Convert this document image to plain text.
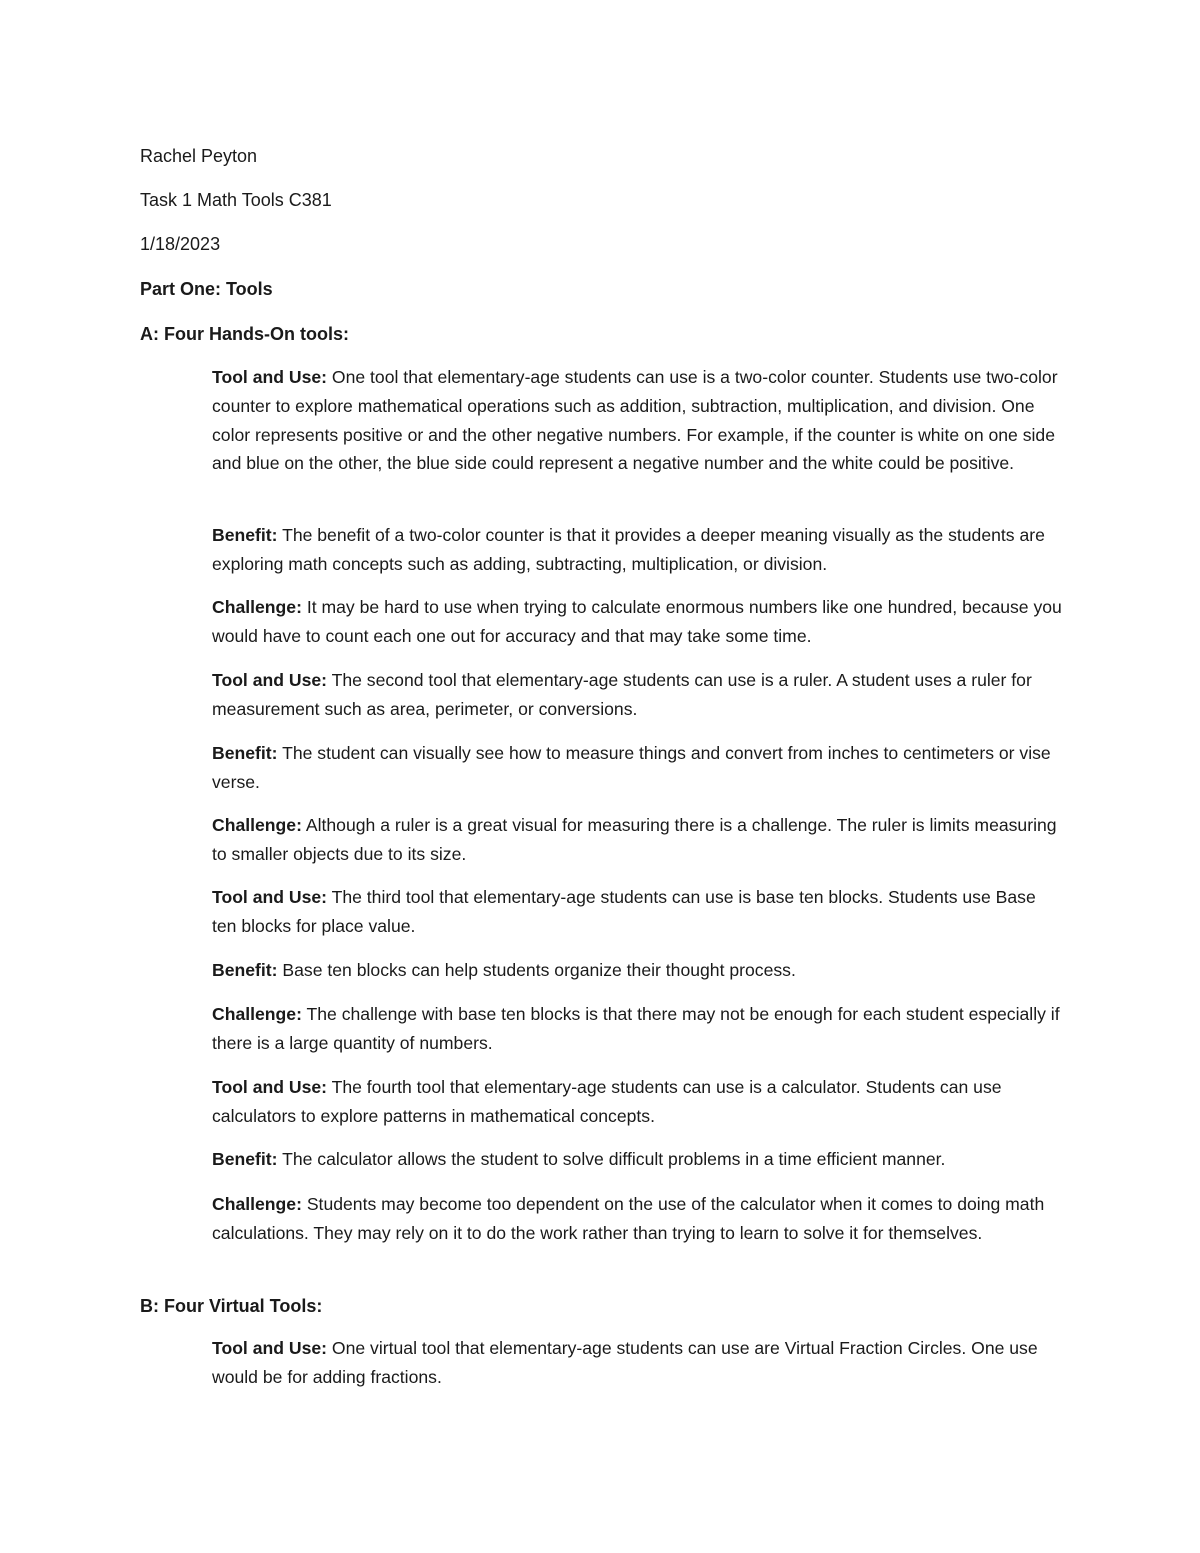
Rachel Peyton
Task 1 Math Tools C381
1/18/2023
Part One: Tools
A: Four Hands-On tools:

Tool and Use: One tool that elementary-age students can use is a two-color counter. Students use two-color counter to explore mathematical operations such as addition, subtraction, multiplication, and division. One color represents positive or and the other negative numbers. For example, if the counter is white on one side and blue on the other, the blue side could represent a negative number and the white could be positive.

Benefit: The benefit of a two-color counter is that it provides a deeper meaning visually as the students are exploring math concepts such as adding, subtracting, multiplication, or division.

Challenge: It may be hard to use when trying to calculate enormous numbers like one hundred, because you would have to count each one out for accuracy and that may take some time.

Tool and Use: The second tool that elementary-age students can use is a ruler. A student uses a ruler for measurement such as area, perimeter, or conversions.

Benefit: The student can visually see how to measure things and convert from inches to centimeters or vise verse.

Challenge: Although a ruler is a great visual for measuring there is a challenge. The ruler is limits measuring to smaller objects due to its size.

Tool and Use: The third tool that elementary-age students can use is base ten blocks. Students use Base ten blocks for place value.

Benefit: Base ten blocks can help students organize their thought process.

Challenge: The challenge with base ten blocks is that there may not be enough for each student especially if there is a large quantity of numbers.

Tool and Use: The fourth tool that elementary-age students can use is a calculator. Students can use calculators to explore patterns in mathematical concepts.

Benefit: The calculator allows the student to solve difficult problems in a time efficient manner.

Challenge: Students may become too dependent on the use of the calculator when it comes to doing math calculations. They may rely on it to do the work rather than trying to learn to solve it for themselves.

B: Four Virtual Tools:

Tool and Use: One virtual tool that elementary-age students can use are Virtual Fraction Circles. One use would be for adding fractions.
